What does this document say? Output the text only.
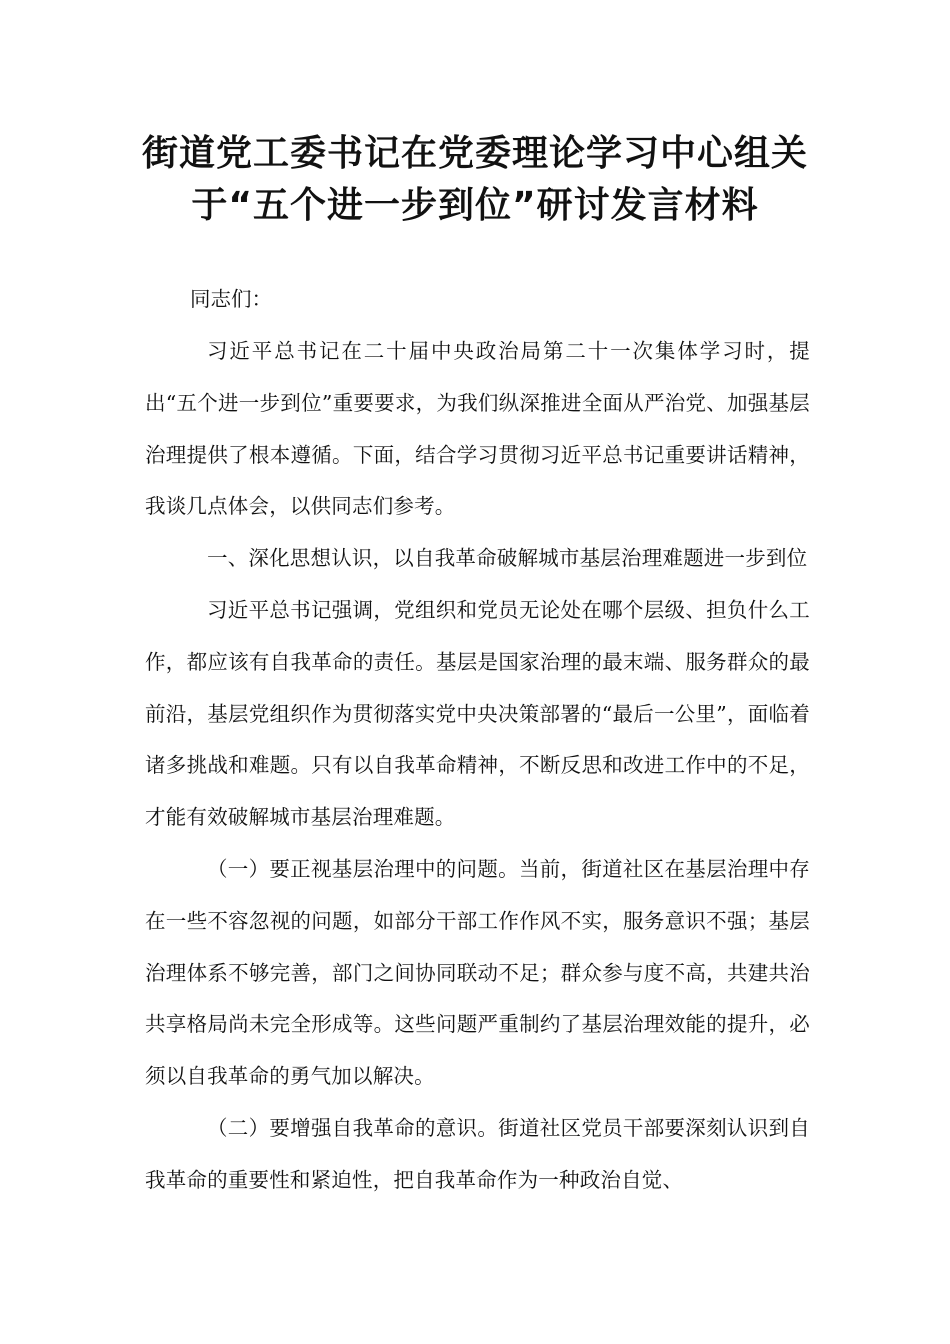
街道党工委书记在党委理论学习中心组关
于“五个进一步到位”研讨发言材料

同志们：

习近平总书记在二十届中央政治局第二十一次集体学习时，提出“五个进一步到位”重要要求，为我们纵深推进全面从严治党、加强基层治理提供了根本遵循。下面，结合学习贯彻习近平总书记重要讲话精神，我谈几点体会，以供同志们参考。

一、深化思想认识，以自我革命破解城市基层治理难题进一步到位

习近平总书记强调，党组织和党员无论处在哪个层级、担负什么工作，都应该有自我革命的责任。基层是国家治理的最末端、服务群众的最前沿，基层党组织作为贯彻落实党中央决策部署的“最后一公里”，面临着诸多挑战和难题。只有以自我革命精神，不断反思和改进工作中的不足，才能有效破解城市基层治理难题。

（一）要正视基层治理中的问题。当前，街道社区在基层治理中存在一些不容忽视的问题，如部分干部工作作风不实，服务意识不强；基层治理体系不够完善，部门之间协同联动不足；群众参与度不高，共建共治共享格局尚未完全形成等。这些问题严重制约了基层治理效能的提升，必须以自我革命的勇气加以解决。

（二）要增强自我革命的意识。街道社区党员干部要深刻认识到自我革命的重要性和紧迫性，把自我革命作为一种政治自觉、
